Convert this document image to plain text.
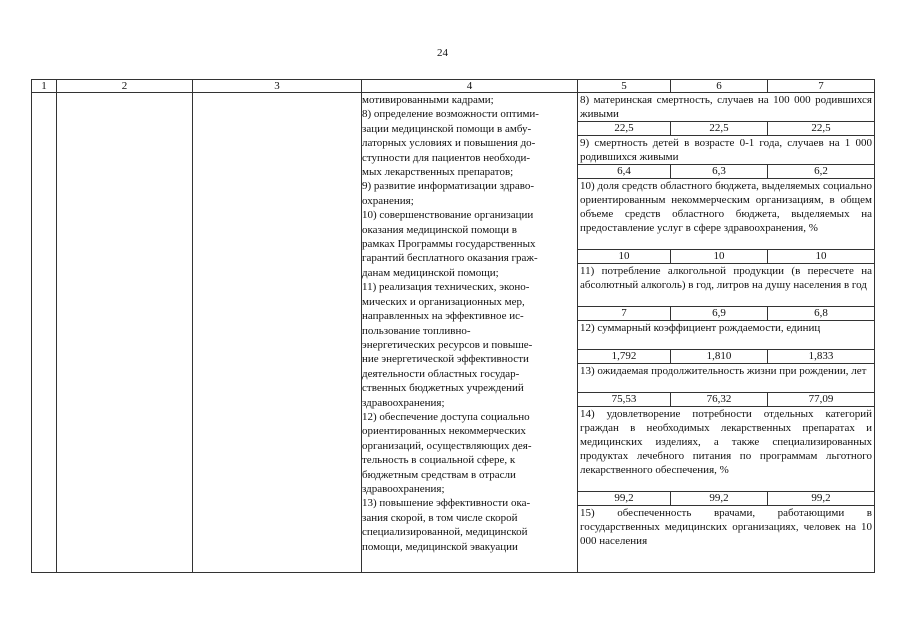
24
1	2	3	4	5	6	7
мотивированными кадрами;
8) определение возможности оптими-
зации медицинской помощи в амбу-
латорных условиях и повышения до-
ступности для пациентов необходи-
мых лекарственных препаратов;
9) развитие информатизации здраво-
охранения;
10) совершенствование организации
оказания медицинской помощи в
рамках Программы государственных
гарантий бесплатного оказания граж-
данам медицинской помощи;
11) реализация технических, эконо-
мических и организационных мер,
направленных на эффективное ис-
пользование топливно-
энергетических ресурсов и повыше-
ние энергетической эффективности
деятельности областных государ-
ственных бюджетных учреждений
здравоохранения;
12) обеспечение доступа социально
ориентированных некоммерческих
организаций, осуществляющих дея-
тельность в социальной сфере, к
бюджетным средствам в отрасли
здравоохранения;
13) повышение эффективности ока-
зания скорой, в том числе скорой
специализированной, медицинской
помощи, медицинской эвакуации
8) материнская смертность, случаев на 100 000 родившихся живыми
22,5	22,5	22,5
9) смертность детей в возрасте 0-1 года, случаев на 1 000 родившихся живыми
6,4	6,3	6,2
10) доля средств областного бюджета, выделяемых социально ориентированным некоммерческим организациям, в общем объеме средств областного бюджета, выделяемых на предоставление услуг в сфере здравоохранения, %
10	10	10
11) потребление алкогольной продукции (в пересчете на абсолютный алкоголь) в год, литров на душу населения в год
7	6,9	6,8
12) суммарный коэффициент рождаемости, единиц
1,792	1,810	1,833
13) ожидаемая продолжительность жизни при рождении, лет
75,53	76,32	77,09
14) удовлетворение потребности отдельных категорий граждан в необходимых лекарственных препаратах и медицинских изделиях, а также специализированных продуктах лечебного питания по программам льготного лекарственного обеспечения, %
99,2	99,2	99,2
15) обеспеченность врачами, работающими в государственных медицинских организациях, человек на 10 000 населения
